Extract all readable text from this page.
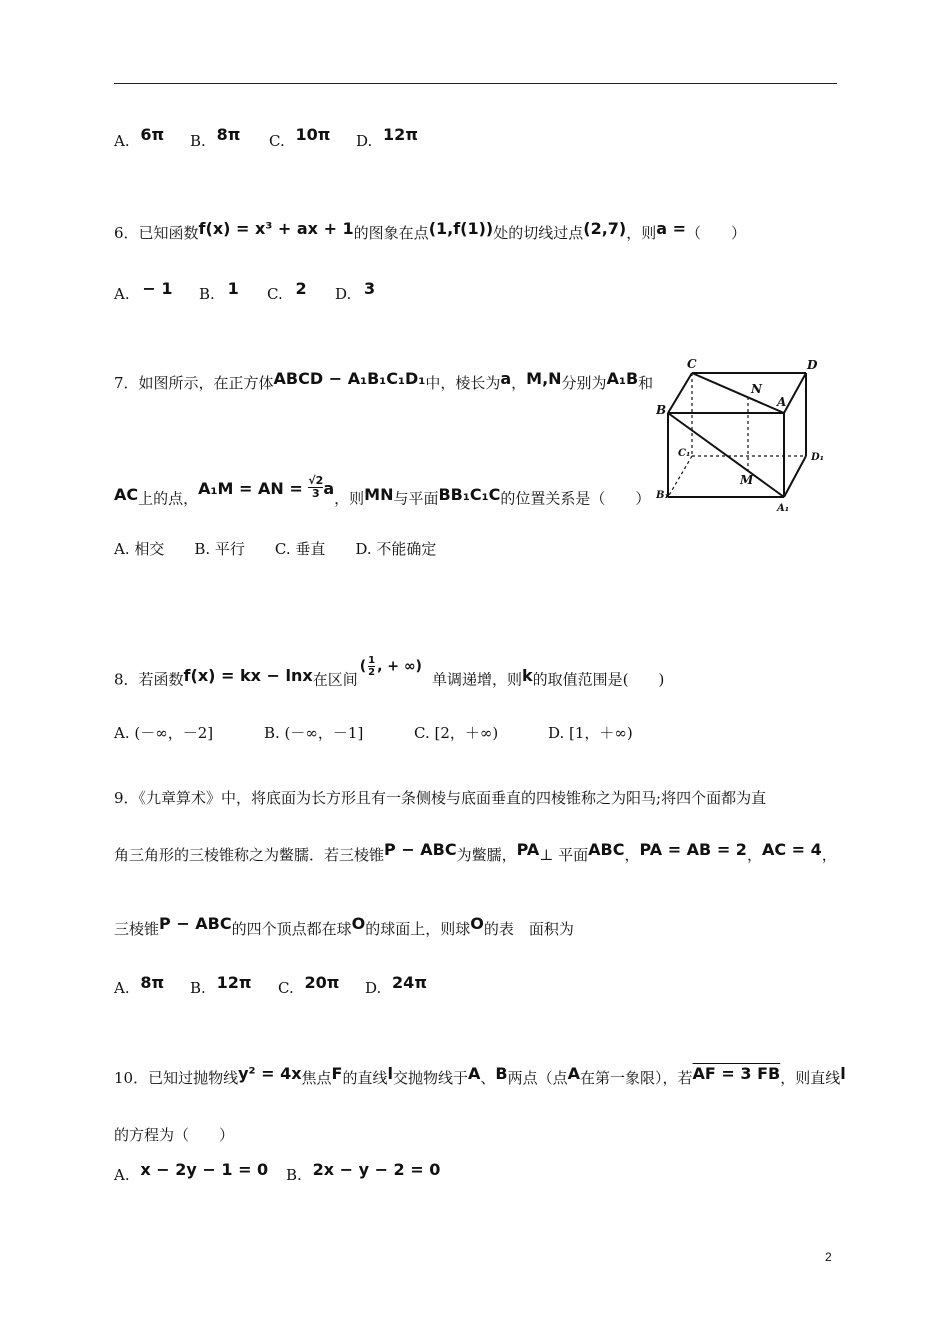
A. 6π B. 8π C. 10π D. 12π
6．已知函数f(x) = x³ + ax + 1的图象在点(1,f(1))处的切线过点(2,7)，则a =（　　）
A. − 1 B. 1 C. 2 D. 3
7．如图所示，在正方体ABCD − A₁B₁C₁D₁中，棱长为a，M,N分别为A₁B和
AC上的点，A₁M = AN = $\frac{√2}{3}$ a，则MN与平面BB₁C₁C的位置关系是（　　）
A. 相交　　B. 平行　　C. 垂直　　D. 不能确定
C	D
B
A
N
C₁	D₁
M
B₁
A₁
8．若函数f(x) = kx − lnx在区间( $\frac{1}{2}$ , + ∞)单调递增，则k的取值范围是(　　)
A. (－∞，－2]	B. (－∞，－1]	C. [2，＋∞)	D. [1，＋∞)
9．《九章算术》中，将底面为长方形且有一条侧棱与底面垂直的四棱锥称之为阳马;将四个面都为直
角三角形的三棱锥称之为鳖臑．若三棱锥P − ABC为鳖臑，PA⊥ 平面ABC，PA = AB = 2，AC = 4，
三棱锥P − ABC的四个顶点都在球O的球面上，则球O的表　面积为
A. 8π B. 12π C. 20π D. 24π
10．已知过抛物线y² = 4x焦点F的直线l交抛物线于A、B两点（点A在第一象限），若AF = 3 FB，则直线l
的方程为（　　）
A. x − 2y − 1 = 0 B. 2x − y − 2 = 0
2
